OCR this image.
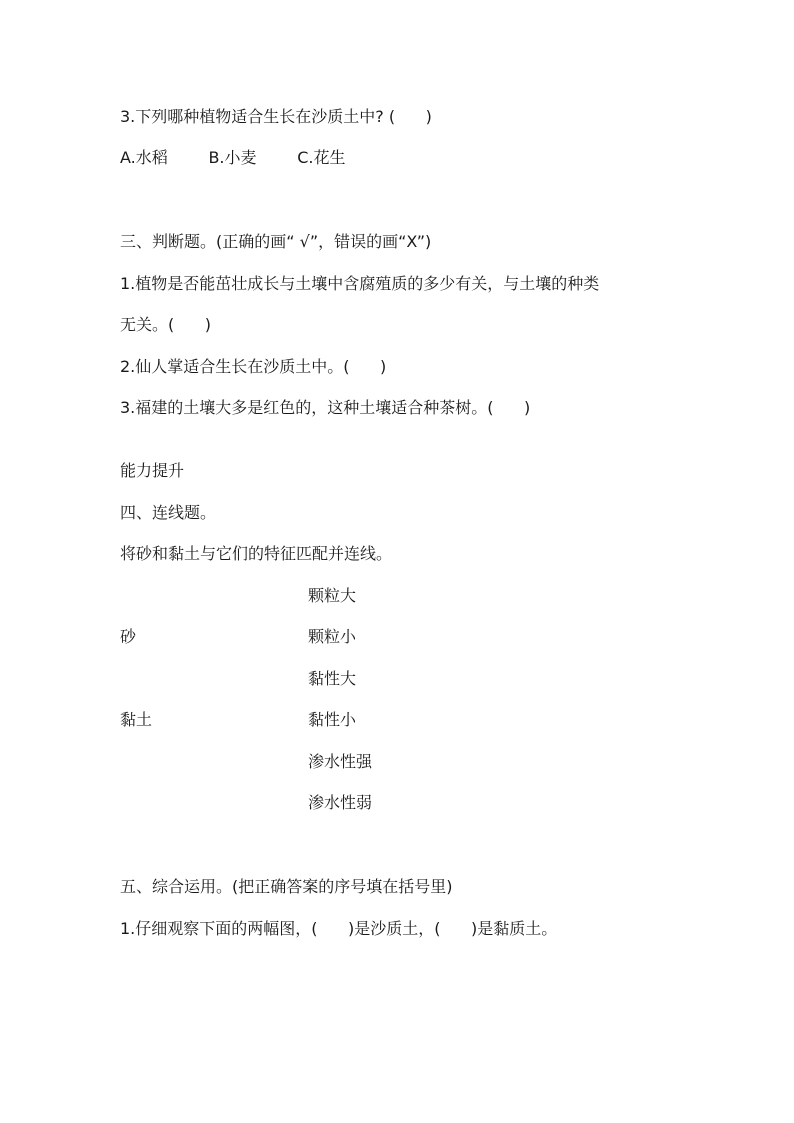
3.下列哪种植物适合生长在沙质土中? (      )
A.水稻        B.小麦        C.花生
三、判断题。(正确的画“ √”，错误的画“X”)
1.植物是否能茁壮成长与土壤中含腐殖质的多少有关，与土壤的种类
无关。(      )
2.仙人掌适合生长在沙质土中。(      )
3.福建的土壤大多是红色的，这种土壤适合种茶树。(      )
能力提升
四、连线题。
将砂和黏土与它们的特征匹配并连线。
砂
黏土
颗粒大
颗粒小
黏性大
黏性小
渗水性强
渗水性弱
五、综合运用。(把正确答案的序号填在括号里)
1.仔细观察下面的两幅图，(      )是沙质土，(      )是黏质土。
